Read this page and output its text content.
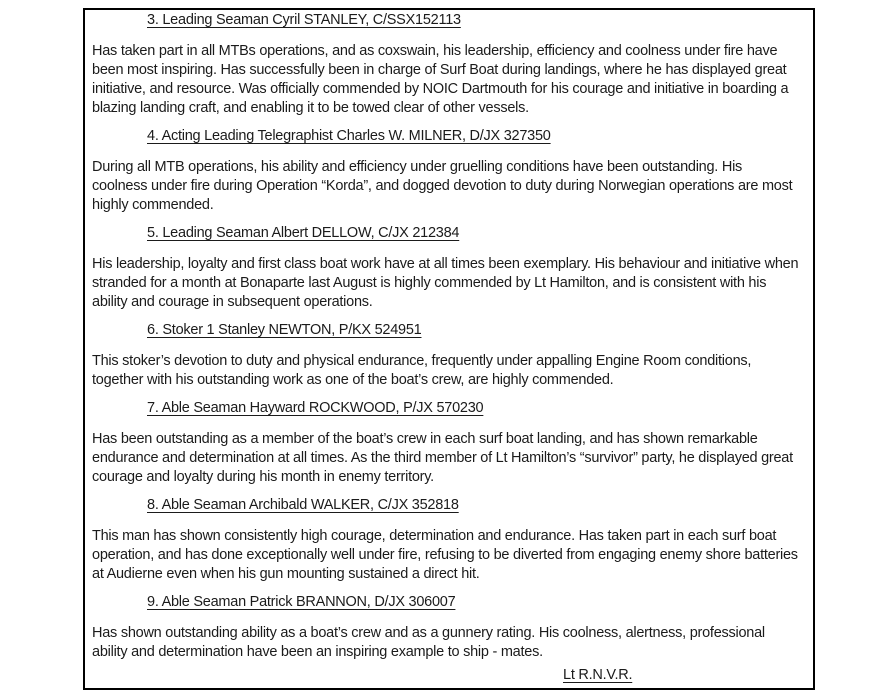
3. Leading Seaman Cyril STANLEY, C/SSX152113

Has taken part in all MTBs operations, and as coxswain, his leadership, efficiency and coolness under fire have been most inspiring. Has successfully been in charge of Surf Boat during landings, where he has displayed great initiative, and resource. Was officially commended by NOIC Dartmouth for his courage and initiative in boarding a blazing landing craft, and enabling it to be towed clear of other vessels.

4. Acting Leading Telegraphist Charles W. MILNER, D/JX 327350

During all MTB operations, his ability and efficiency under gruelling conditions have been outstanding. His coolness under fire during Operation “Korda”, and dogged devotion to duty during Norwegian operations are most highly commended.

5. Leading Seaman Albert DELLOW, C/JX 212384

His leadership, loyalty and first class boat work have at all times been exemplary. His behaviour and initiative when stranded for a month at Bonaparte last August is highly commended by Lt Hamilton, and is consistent with his ability and courage in subsequent operations.

6. Stoker 1 Stanley NEWTON, P/KX 524951

This stoker’s devotion to duty and physical endurance, frequently under appalling Engine Room conditions, together with his outstanding work as one of the boat’s crew, are highly commended.

7. Able Seaman Hayward ROCKWOOD, P/JX 570230

Has been outstanding as a member of the boat’s crew in each surf boat landing, and has shown remarkable endurance and determination at all times. As the third member of Lt Hamilton’s “survivor” party, he displayed great courage and loyalty during his month in enemy territory.

8. Able Seaman Archibald WALKER, C/JX 352818

This man has shown consistently high courage, determination and endurance. Has taken part in each surf boat operation, and has done exceptionally well under fire, refusing to be diverted from engaging enemy shore batteries at Audierne even when his gun mounting sustained a direct hit.

9. Able Seaman Patrick BRANNON, D/JX 306007

Has shown outstanding ability as a boat’s crew and as a gunnery rating. His coolness, alertness, professional ability and determination have been an inspiring example to ship - mates.

Lt R.N.V.R.
